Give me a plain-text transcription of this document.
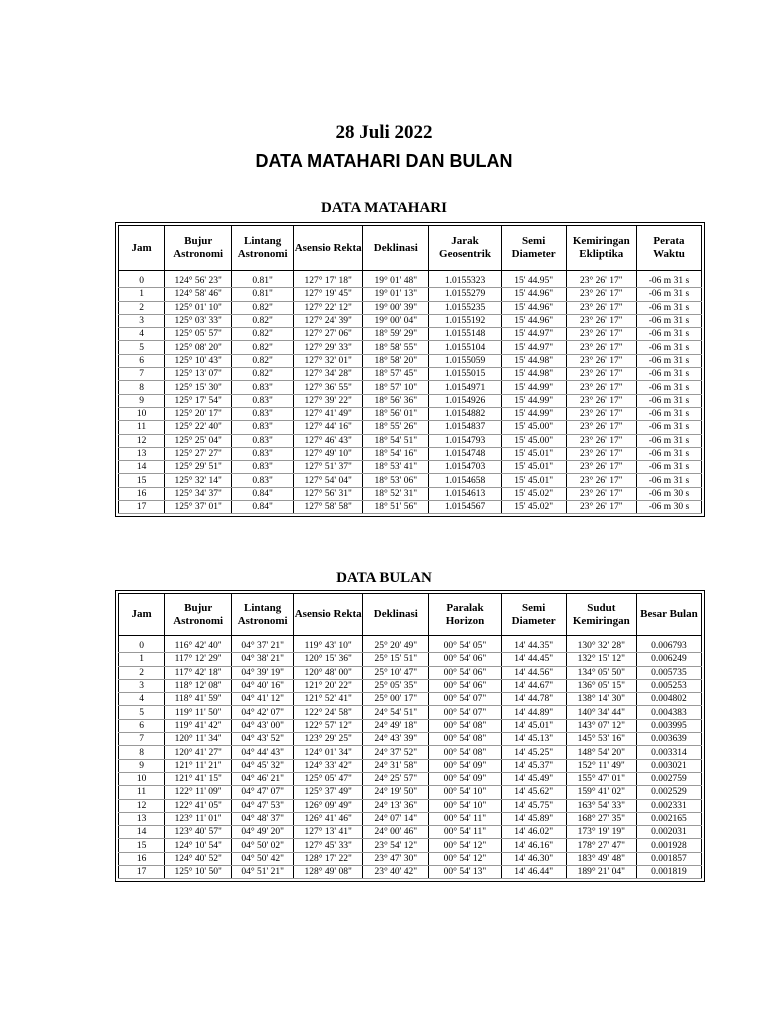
28 Juli 2022
DATA MATAHARI DAN BULAN
DATA MATAHARI
Jam	Bujur Astronomi	Lintang Astronomi	Asensio Rekta	Deklinasi	Jarak Geosentrik	Semi Diameter	Kemiringan Ekliptika	Perata Waktu

0	124° 56' 23"	0.81"	127° 17' 18"	19° 01' 48"	1.0155323	15' 44.95"	23° 26' 17"	-06 m 31 s
1	124° 58' 46"	0.81"	127° 19' 45"	19° 01' 13"	1.0155279	15' 44.96"	23° 26' 17"	-06 m 31 s
2	125° 01' 10"	0.82"	127° 22' 12"	19° 00' 39"	1.0155235	15' 44.96"	23° 26' 17"	-06 m 31 s
3	125° 03' 33"	0.82"	127° 24' 39"	19° 00' 04"	1.0155192	15' 44.96"	23° 26' 17"	-06 m 31 s
4	125° 05' 57"	0.82"	127° 27' 06"	18° 59' 29"	1.0155148	15' 44.97"	23° 26' 17"	-06 m 31 s
5	125° 08' 20"	0.82"	127° 29' 33"	18° 58' 55"	1.0155104	15' 44.97"	23° 26' 17"	-06 m 31 s
6	125° 10' 43"	0.82"	127° 32' 01"	18° 58' 20"	1.0155059	15' 44.98"	23° 26' 17"	-06 m 31 s
7	125° 13' 07"	0.82"	127° 34' 28"	18° 57' 45"	1.0155015	15' 44.98"	23° 26' 17"	-06 m 31 s
8	125° 15' 30"	0.83"	127° 36' 55"	18° 57' 10"	1.0154971	15' 44.99"	23° 26' 17"	-06 m 31 s
9	125° 17' 54"	0.83"	127° 39' 22"	18° 56' 36"	1.0154926	15' 44.99"	23° 26' 17"	-06 m 31 s
10	125° 20' 17"	0.83"	127° 41' 49"	18° 56' 01"	1.0154882	15' 44.99"	23° 26' 17"	-06 m 31 s
11	125° 22' 40"	0.83"	127° 44' 16"	18° 55' 26"	1.0154837	15' 45.00"	23° 26' 17"	-06 m 31 s
12	125° 25' 04"	0.83"	127° 46' 43"	18° 54' 51"	1.0154793	15' 45.00"	23° 26' 17"	-06 m 31 s
13	125° 27' 27"	0.83"	127° 49' 10"	18° 54' 16"	1.0154748	15' 45.01"	23° 26' 17"	-06 m 31 s
14	125° 29' 51"	0.83"	127° 51' 37"	18° 53' 41"	1.0154703	15' 45.01"	23° 26' 17"	-06 m 31 s
15	125° 32' 14"	0.83"	127° 54' 04"	18° 53' 06"	1.0154658	15' 45.01"	23° 26' 17"	-06 m 31 s
16	125° 34' 37"	0.84"	127° 56' 31"	18° 52' 31"	1.0154613	15' 45.02"	23° 26' 17"	-06 m 30 s
17	125° 37' 01"	0.84"	127° 58' 58"	18° 51' 56"	1.0154567	15' 45.02"	23° 26' 17"	-06 m 30 s
DATA BULAN
Jam	Bujur Astronomi	Lintang Astronomi	Asensio Rekta	Deklinasi	Paralak Horizon	Semi Diameter	Sudut Kemiringan	Besar Bulan

0	116° 42' 40"	04° 37' 21"	119° 43' 10"	25° 20' 49"	00° 54' 05"	14' 44.35"	130° 32' 28"	0.006793
1	117° 12' 29"	04° 38' 21"	120° 15' 36"	25° 15' 51"	00° 54' 06"	14' 44.45"	132° 15' 12"	0.006249
2	117° 42' 18"	04° 39' 19"	120° 48' 00"	25° 10' 47"	00° 54' 06"	14' 44.56"	134° 05' 50"	0.005735
3	118° 12' 08"	04° 40' 16"	121° 20' 22"	25° 05' 35"	00° 54' 06"	14' 44.67"	136° 05' 15"	0.005253
4	118° 41' 59"	04° 41' 12"	121° 52' 41"	25° 00' 17"	00° 54' 07"	14' 44.78"	138° 14' 30"	0.004802
5	119° 11' 50"	04° 42' 07"	122° 24' 58"	24° 54' 51"	00° 54' 07"	14' 44.89"	140° 34' 44"	0.004383
6	119° 41' 42"	04° 43' 00"	122° 57' 12"	24° 49' 18"	00° 54' 08"	14' 45.01"	143° 07' 12"	0.003995
7	120° 11' 34"	04° 43' 52"	123° 29' 25"	24° 43' 39"	00° 54' 08"	14' 45.13"	145° 53' 16"	0.003639
8	120° 41' 27"	04° 44' 43"	124° 01' 34"	24° 37' 52"	00° 54' 08"	14' 45.25"	148° 54' 20"	0.003314
9	121° 11' 21"	04° 45' 32"	124° 33' 42"	24° 31' 58"	00° 54' 09"	14' 45.37"	152° 11' 49"	0.003021
10	121° 41' 15"	04° 46' 21"	125° 05' 47"	24° 25' 57"	00° 54' 09"	14' 45.49"	155° 47' 01"	0.002759
11	122° 11' 09"	04° 47' 07"	125° 37' 49"	24° 19' 50"	00° 54' 10"	14' 45.62"	159° 41' 02"	0.002529
12	122° 41' 05"	04° 47' 53"	126° 09' 49"	24° 13' 36"	00° 54' 10"	14' 45.75"	163° 54' 33"	0.002331
13	123° 11' 01"	04° 48' 37"	126° 41' 46"	24° 07' 14"	00° 54' 11"	14' 45.89"	168° 27' 35"	0.002165
14	123° 40' 57"	04° 49' 20"	127° 13' 41"	24° 00' 46"	00° 54' 11"	14' 46.02"	173° 19' 19"	0.002031
15	124° 10' 54"	04° 50' 02"	127° 45' 33"	23° 54' 12"	00° 54' 12"	14' 46.16"	178° 27' 47"	0.001928
16	124° 40' 52"	04° 50' 42"	128° 17' 22"	23° 47' 30"	00° 54' 12"	14' 46.30"	183° 49' 48"	0.001857
17	125° 10' 50"	04° 51' 21"	128° 49' 08"	23° 40' 42"	00° 54' 13"	14' 46.44"	189° 21' 04"	0.001819
